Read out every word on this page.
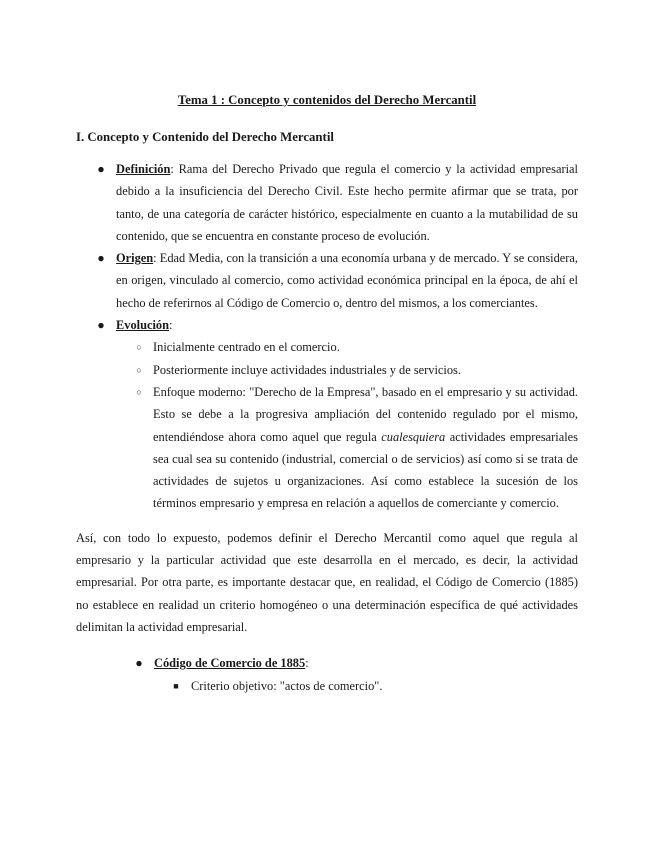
Tema 1 : Concepto y contenidos del Derecho Mercantil
I. Concepto y Contenido del Derecho Mercantil
● Definición: Rama del Derecho Privado que regula el comercio y la actividad empresarial debido a la insuficiencia del Derecho Civil. Este hecho permite afirmar que se trata, por tanto, de una categoría de carácter histórico, especialmente en cuanto a la mutabilidad de su contenido, que se encuentra en constante proceso de evolución.
● Origen: Edad Media, con la transición a una economía urbana y de mercado. Y se considera, en origen, vinculado al comercio, como actividad económica principal en la época, de ahí el hecho de referirnos al Código de Comercio o, dentro del mismos, a los comerciantes.
● Evolución:
○ Inicialmente centrado en el comercio.
○ Posteriormente incluye actividades industriales y de servicios.
○ Enfoque moderno: "Derecho de la Empresa", basado en el empresario y su actividad. Esto se debe a la progresiva ampliación del contenido regulado por el mismo, entendiéndose ahora como aquel que regula cualesquiera actividades empresariales sea cual sea su contenido (industrial, comercial o de servicios) así como si se trata de actividades de sujetos u organizaciones. Así como establece la sucesión de los términos empresario y empresa en relación a aquellos de comerciante y comercio.

Así, con todo lo expuesto, podemos definir el Derecho Mercantil como aquel que regula al empresario y la particular actividad que este desarrolla en el mercado, es decir, la actividad empresarial. Por otra parte, es importante destacar que, en realidad, el Código de Comercio (1885) no establece en realidad un criterio homogéneo o una determinación específica de qué actividades delimitan la actividad empresarial.

● Código de Comercio de 1885:
■ Criterio objetivo: "actos de comercio".
